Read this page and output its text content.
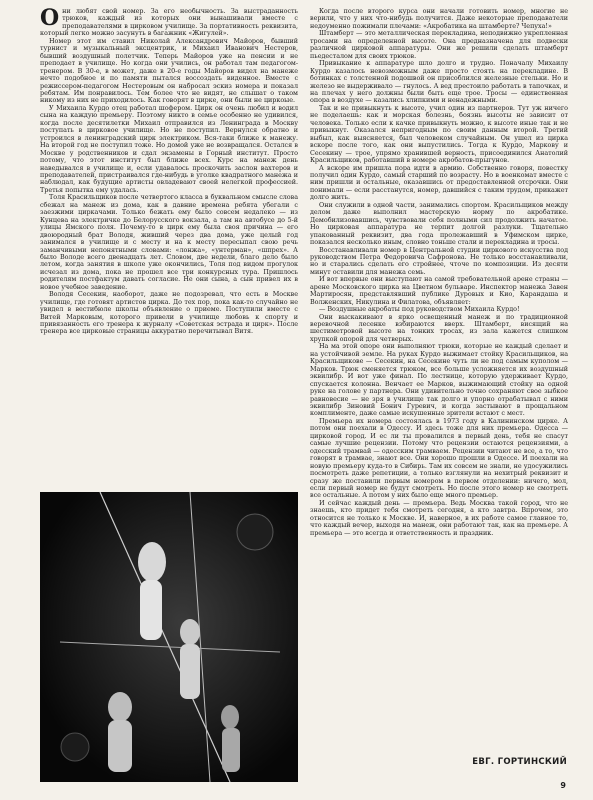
Они любят свой номер. За его необычность. За выстраданность трюков, каждый из которых они вынашивали вместе с преподавателями в цирковом училище. За портативность реквизита, который легко можно засунуть в багажник «Жигулей».

Номер этот им ставил Николай Александрович Майоров, бывший турнист и музыкальный эксцентрик, и Михаил Иванович Нестеров, бывший воздушный полетчик. Теперь Майоров уже на пенсии и не преподает в училище. Но когда они учились, он работал там педагогом-тренером. В 30-е, в может, даже в 20-е годы Майоров видел на манеже нечто подобное и по памяти пытался воссоздать виденное. Вместе с режиссером-педагогом Нестеровым он набросал эскиз номера и показал ребятам. Им понравилось. Тем более что не видят, не слышат о таком никому из них не приходилось. Как говорят в цирке, они были не циркоые.

У Михаила Курдо отец работал шофером. Цирк он очень любил и водил сына на каждую премьеру. Поэтому никто в семье особенно не удивился, когда после десятилетки Михаил отправился из Ленинграда в Москву поступать в цирковое училище. Но не поступил. Вернулся обратно и устроился в ленинградский цирк электриком. Вся-таки ближе к манежу. На второй год не поступил тоже. Но домой уже не возвращался. Остался в Москве у родственников и сдал экзамены в Горный институт. Просто потому, что этот институт был ближе всех. Курс на манеж день наведывался в училище и, если удавалось проскочить заслон вахтеров и преподавателей, пристраивался где-нибудь в уголке квадратного манежа и наблюдал, как будущие артисты овладевают своей нелегкой профессией. Третья попытка ему удалась.

Толя Красильщиков после четвертого класса в буквальном смысле слова сбежал на манеж из дома, как в давние времена ребята убегали с заезжими циркачами. Только бежать ему было совсем недалеко — из Кунцева на электричке до Белорусского вокзала, а там на автобусе до 5-й улицы Ямского поля. Почему-то в цирк ему была своя причина — его двоюродный брат Володя, живший через два дома, уже целый год занимался в училище и с месту и на к месту пересыпал свою речь заманчивыми непонятными словами: «лонжа», «унтерман», «шпрех». А было Володе всего двенадцать лет. Словом, две недели, благо дело было летом, когда занятия в школе уже окончились, Толя под видом прогулок исчезал из дома, пока не прошел все три конкурсных тура. Пришлось родителям постфактум давать согласие. Не они сына, а сын привел их в новое учебное заведение.

Володя Сесекин, наоборот, даже не подозревал, что есть в Москве училище, где готовят артистов цирка. До тех пор, пока как-то случайно не увидел в вестибюле школы объявление о приеме. Поступили вместе с Витей Марковым, которого привели в училище любовь к спорту и привязанность его тренера к журналу «Советская эстрада и цирк». После тренера все цирковые страницы аккуратно перечитывал Витя.

Когда после второго курса они начали готовить номер, многие не верили, что у них что-нибудь получится. Даже некоторые преподаватели недоуменно пожимали плечами: «Акробатика на штамберте? Чепуха!»

Штамберт — это металлическая перекладина, неподвижно укрепленная тросами на определенной высоте. Она предназначена для подвески различной цирковой аппаратуры. Они же решили сделать штамберт пьедесталом для своих трюков.

Привыкание к аппаратуре шло долго и трудно. Поначалу Михаилу Курдо казалось невозможным даже просто стоять на перекладине. В ботинках с толстенной подошвой он присоблился железные стельки. Но и железо не выдерживало — гнулось. А вед престоило работать в тапочках, и на плечах у него должны были быть еще трое. Тросы — единственная опора в воздухе — казались хлипкими и ненадежными.

Так и не привыкнуть к высоте, учил один из партнеров. Тут уж ничего не поделаешь: как и морская болезнь, боязнь высоты не зависит от человека. Только если к качке привыкнуть можно, к высоте иные так и не привыкнут. Оказался непригодным по своим данным второй. Третий выбыл, как выясняется, был человеком случайным. Он ушел из цирка вскоре после того, как они выпустились. Тогда к Курдо, Маркову и Сесекину — трое, упрямо хранившей верность, присоединился Анатолий Красильщиков, работавший в номере акробатов-прыгунов.

А вскоре им пришла пора идти в армию. Собственно говоря, повестку получил один Курдо, самый старший по возрасту. Но в военкомат вместе с ним пришли и остальные, оказавшись от предоставленной отсрочки. Они понимали — если расстанутся, номер, давшийся с таким трудом, прикажет долго жить.

Они служили в одной части, занимались спортом. Красильщиков между делом даже выполнил мастерскую норму по акробатике. Демобилизовавшись, чувствовали себя полными сил продолжить начатое. Но цирковая аппаратура не терпит долгой разлуки. Тщательно упакованный реквизит, два года пролежавший в Уфимском цирке, показался несколько иным, словно тоньше стали и перекладина и тросы.

Восстанавливали номер в Центральной студии циркового искусства под руководством Петра Федоровича Сафронова. Не только восстанавливали, но и старались сделать его стройнее, чточе по композиции. Из десяти минут оставили для манежа семь.

И вот впервые они выступают на самой требовательной арене страны — арене Московского цирка на Цветном бульваре. Инспектор манежа Завен Мартиросян, представлявший публике Дуровых и Кио, Карандаша и Волженских, Никулина и Филатова, объявляет:

— Воздушные акробаты под руководством Михаила Курдо!

Они выскакивают в ярко освещенный манеж и по традиционной веревочной лесенке взбираются вверх. Штамберт, висящий на шестиметровой высоте на тонких тросах, из зала кажется слишком хрупкой опорой для четверых.

На ма этой опоре они выполняют трюки, которые не каждый сделает и на устойчивой земле. На руках Курдо выжимает стойку Красильщиков, на Красильщикове — Сесекин, на Сесекине чуть ли не под самым куполом — Марков. Трюк сменяется трюком, все больше усложняется их воздушный эквилибр. И вот уже финал. По лестнице, которую удерживает Курдо, спускается колонна. Венчает ее Марков, выжимающий стойку на одной руке на голове у партнера. Они удивительно точно сохраняют свое зыбкое равновесие — не зря в училище так долго и упорно отрабатывал с ними эквилибр Зиновий Бонич Гуревич, и когда застывают в прощальном комплименте, даже самые искушенные зрители встают с мест.

Премьера их номера состоялась в 1973 году в Калининском цирке. А потом они поехали в Одессу. И здесь тоже для них премьера. Одесса — цирковой город. И ес ли ты провалился в первый день, тебя не спасут самые лучшие рецензии. Потому что рецензии остаются рецензиями, а одесский трамвай — одесским трамваем. Рецензии читают не все, а то, что говорят в трамвае, знают все. Они хорошо прошли в Одессе. И поехали на новую премьеру куда-то в Сибирь. Там их совсем не знали, не удосужились посмотреть даже репетиции, а только взглянули на нехитрый реквизит и сразу же поставили первым номером в первом отделении: ничего, мол, если первый номер не будут смотреть. Но после этого номер не смотреть все остальные. А потом у них было еще много премьер.

И сейчас каждый день — премьера. Ведь Москва такой город, что не знаешь, кто придет тебя смотреть сегодня, а кто завтра. Впрочем, это относится не только к Москве. И, наверное, в их работе самое главное то, что каждый вечер, выходя на манеж, они работают так, как на премьере. А премьера — это всегда и ответственность и праздник.

ЕВГ. ГОРТИНСКИЙ
9
